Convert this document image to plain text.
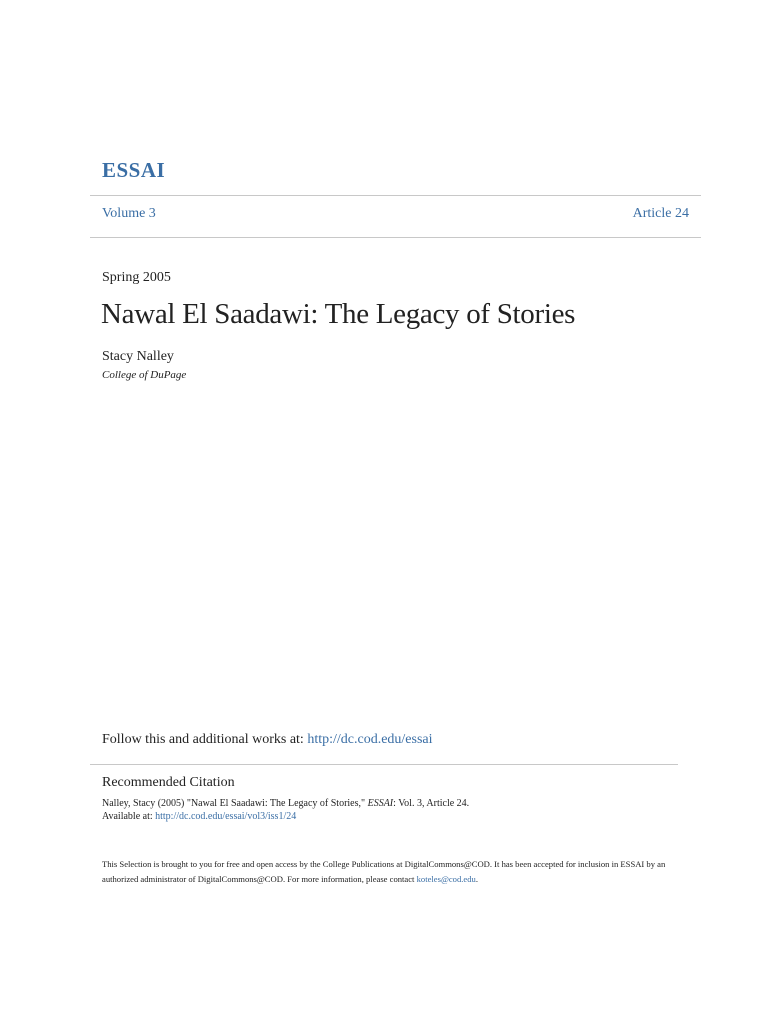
ESSAI
Volume 3	Article 24
Spring 2005
Nawal El Saadawi: The Legacy of Stories
Stacy Nalley
College of DuPage
Follow this and additional works at: http://dc.cod.edu/essai
Recommended Citation
Nalley, Stacy (2005) "Nawal El Saadawi: The Legacy of Stories," ESSAI: Vol. 3, Article 24.
Available at: http://dc.cod.edu/essai/vol3/iss1/24
This Selection is brought to you for free and open access by the College Publications at DigitalCommons@COD. It has been accepted for inclusion in ESSAI by an authorized administrator of DigitalCommons@COD. For more information, please contact koteles@cod.edu.
